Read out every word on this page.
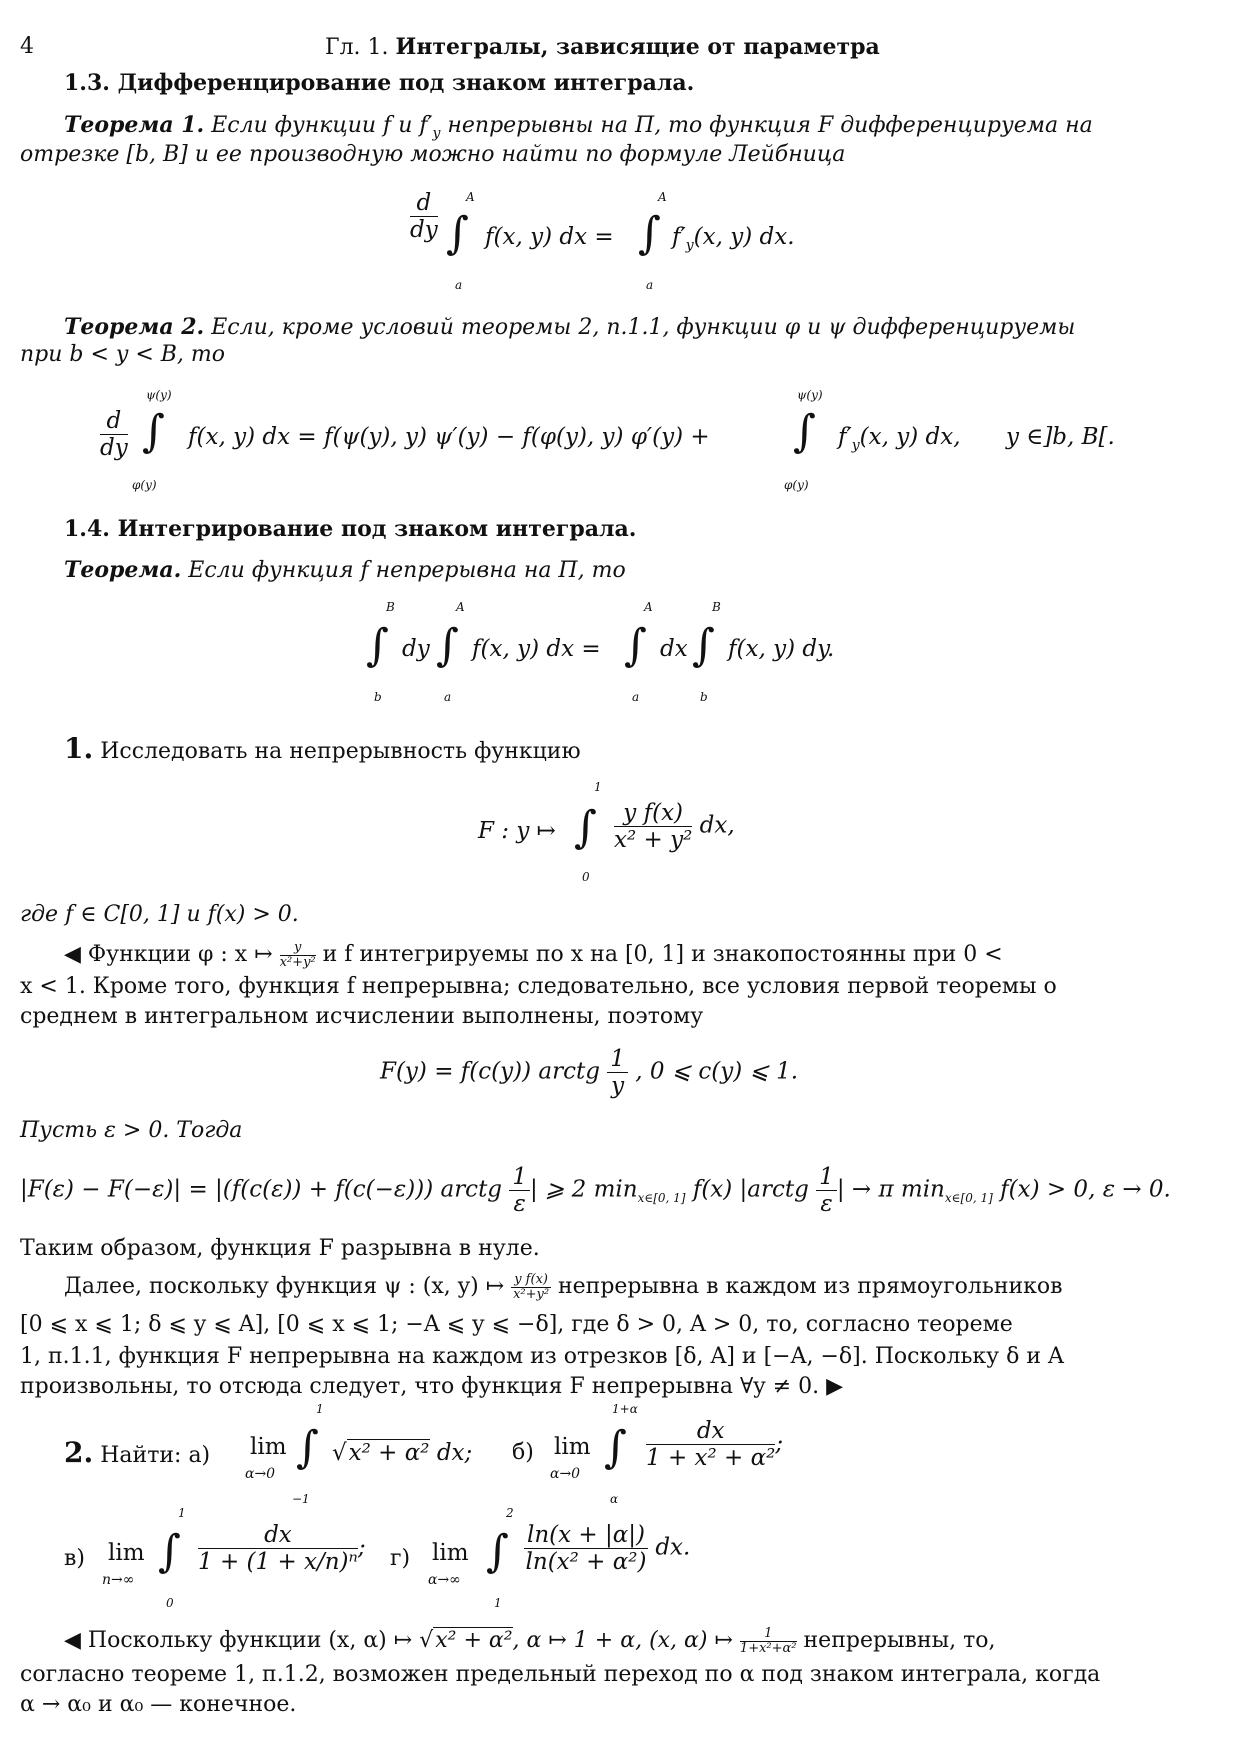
4	Гл. 1. Интегралы, зависящие от параметра
1.3. Дифференцирование под знаком интеграла.
Теорема 1. Если функции f и $f'_y$ непрерывны на Π, то функция F дифференцируема на
отрезке [b, B] и ее производную можно найти по формуле Лейбница
$\frac{d}{dy}$ A
∫
a
f(x, y) dx =
A
∫
a
$f'_y(x$, y) dx.
Теорема 2. Если, кроме условий теоремы 2, п.1.1, функции φ и ψ дифференцируемы
при b < y < B, то
$\frac{d}{dy}$
ψ(y)
∫
φ(y)
f(x, y) dx = f(ψ(y), y) ψ′(y) − f(φ(y), y) φ′(y) +
ψ(y)
∫
φ(y)
$f'_y(x$, y) dx, y ∈]b, B[.
1.4. Интегрирование под знаком интеграла.
Теорема. Если функция f непрерывна на Π, то
B
∫
b
dy
A
∫
a
f(x, y) dx =
A
∫
a
dx
B
∫
b
f(x, y) dy.
1. Исследовать на непрерывность функцию
F : y ↦
1
∫
0
$\frac{\text{y f(x)}}{\text{x² + y²}}$ dx,
где f ∈ C[0, 1] и f(x) > 0.
◀ Функции φ : x ↦ $\frac{y}{\text{x²+y²}}$ и f интегрируемы по x на [0, 1] и знакопостоянны при 0 <
x < 1. Кроме того, функция f непрерывна; следовательно, все условия первой теоремы о
среднем в интегральном исчислении выполнены, поэтому
F(y) = f(c(y)) arctg $\frac{1}{y}$ , 0 ⩽ c(y) ⩽ 1.
Пусть ε > 0. Тогда
|F(ε) − F(−ε)| = |(f(c(ε)) + f(c(−ε))) arctg $\frac{1}{\varepsilon}$ | ⩾ 2 $\min_{x\in[0, 1]} f(x)$ |arctg $\frac{1}{\varepsilon}$ | → π $\min_{x\in[0, 1]} f(x) > 0$, ε → 0.
Таким образом, функция F разрывна в нуле.
Далее, поскольку функция ψ : (x, y) ↦ $\frac{\text{y f(x)}}{\text{x²+y²}}$ непрерывна в каждом из прямоугольников
[0 ⩽ x ⩽ 1; δ ⩽ y ⩽ A], [0 ⩽ x ⩽ 1; −A ⩽ y ⩽ −δ], где δ > 0, A > 0, то, согласно теореме
1, п.1.1, функция F непрерывна на каждом из отрезков [δ, A] и [−A, −δ]. Поскольку δ и A
произвольны, то отсюда следует, что функция F непрерывна ∀y ≠ 0. ▶
2. Найти: а) lim
α→0
1
∫
−1
√x² + α² dx; б) lim
α→0
1+α
∫
α
$\frac{dx}{\text{1 + x² + α²}}$ ;
в) lim
n→∞
1
∫
0
$\frac{dx}{\text{1 + (1 + x/n)ⁿ}}$ ; г) lim
α→∞
2
∫
1
$\frac{\ln(x + |\alpha|)}{\text{ln(x² + α²)}}$ dx.
◀ Поскольку функции (x, α) ↦ √x² + α², α ↦ 1 + α, (x, α) ↦ $\frac{1}{\text{1+x²+α²}}$ непрерывны, то,
согласно теореме 1, п.1.2, возможен предельный переход по α под знаком интеграла, когда
α → α₀ и α₀ — конечное.
